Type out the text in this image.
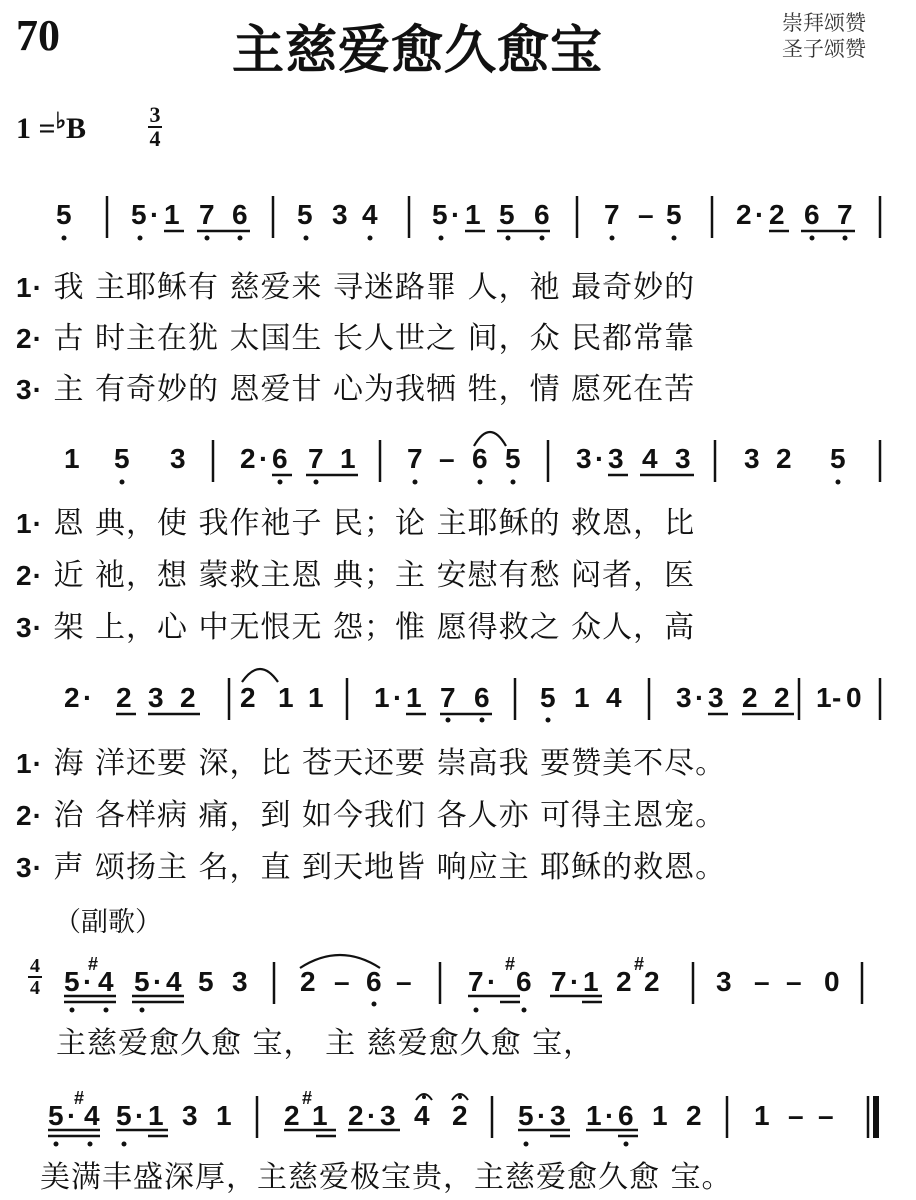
70	主慈爱愈久愈宝	崇拜颂赞
圣子颂赞
1 =♭B	3
4
5 5 · 1 7 6 5 3 4 5 · 1 5 6 7 – 5 2 · 2 6 7
1· 我 主耶稣有 慈爱来 寻迷路罪 人，祂 最奇妙的
2· 古 时主在犹 太国生 长人世之 间，众 民都常靠
3· 主 有奇妙的 恩爱甘 心为我牺 牲，情 愿死在苦
1 5 3 2 · 6 7 1 7 – 6 5 3 · 3 4 3 3 2 5
1· 恩 典，使 我作祂子 民；论 主耶稣的 救恩，比
2· 近 祂，想 蒙救主恩 典；主 安慰有愁 闷者，医
3· 架 上，心 中无恨无 怨；惟 愿得救之 众人，高
2 · 2 3 2 2 1 1 1 · 1 7 6 5 1 4 3 · 3 2 2 1 - 0
1· 海 洋还要 深，比 苍天还要 崇高我 要赞美不尽。
2· 治 各样病 痛，到 如今我们 各人亦 可得主恩宠。
3· 声 颂扬主 名，直 到天地皆 响应主 耶稣的救恩。
（副歌）
4
4 5 ·
#
4 5 · 4 5 3 2 – 6 – 7 ·
#
6 7 · 1 2
#
2 3 – – 0
主慈爱愈久愈 宝， 主 慈爱愈久愈 宝，
5 ·
#
4 5 · 1 3 1 2
#
1 2 · 3 4 2 5 · 3 1 · 6 1 2 1 – –
美满丰盛深厚，主慈爱极宝贵，主慈爱愈久愈 宝。
